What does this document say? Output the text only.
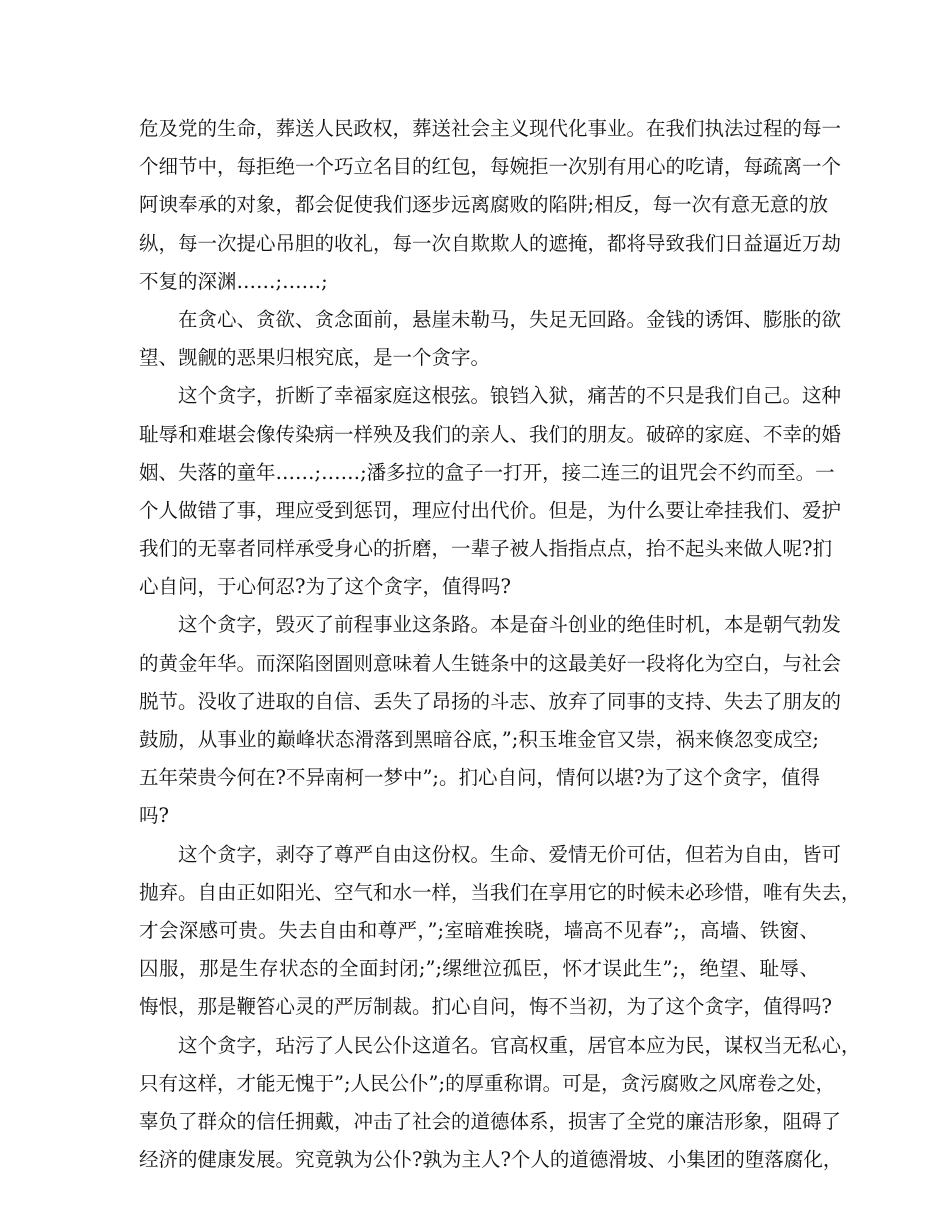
危及党的生命，葬送人民政权，葬送社会主义现代化事业。在我们执法过程的每一
个细节中，每拒绝一个巧立名目的红包，每婉拒一次别有用心的吃请，每疏离一个
阿谀奉承的对象，都会促使我们逐步远离腐败的陷阱;相反，每一次有意无意的放
纵，每一次提心吊胆的收礼，每一次自欺欺人的遮掩，都将导致我们日益逼近万劫
不复的深渊……;……;
在贪心、贪欲、贪念面前，悬崖未勒马，失足无回路。金钱的诱饵、膨胀的欲
望、觊觎的恶果归根究底，是一个贪字。
这个贪字，折断了幸福家庭这根弦。锒铛入狱，痛苦的不只是我们自己。这种
耻辱和难堪会像传染病一样殃及我们的亲人、我们的朋友。破碎的家庭、不幸的婚
姻、失落的童年……;……;潘多拉的盒子一打开，接二连三的诅咒会不约而至。一
个人做错了事，理应受到惩罚，理应付出代价。但是，为什么要让牵挂我们、爱护
我们的无辜者同样承受身心的折磨，一辈子被人指指点点，抬不起头来做人呢?扪
心自问，于心何忍?为了这个贪字，值得吗?
这个贪字，毁灭了前程事业这条路。本是奋斗创业的绝佳时机，本是朝气勃发
的黄金年华。而深陷囹圄则意味着人生链条中的这最美好一段将化为空白，与社会
脱节。没收了进取的自信、丢失了昂扬的斗志、放弃了同事的支持、失去了朋友的
鼓励，从事业的巅峰状态滑落到黑暗谷底，”;积玉堆金官又崇，祸来倏忽变成空;
五年荣贵今何在?不异南柯一梦中”;。扪心自问，情何以堪?为了这个贪字，值得
吗?
这个贪字，剥夺了尊严自由这份权。生命、爱情无价可估，但若为自由，皆可
抛弃。自由正如阳光、空气和水一样，当我们在享用它的时候未必珍惜，唯有失去，
才会深感可贵。失去自由和尊严，”;室暗难挨晓，墙高不见春”;，高墙、铁窗、
囚服，那是生存状态的全面封闭;”;缧绁泣孤臣，怀才误此生”;，绝望、耻辱、
悔恨，那是鞭笞心灵的严厉制裁。扪心自问，悔不当初，为了这个贪字，值得吗?
这个贪字，玷污了人民公仆这道名。官高权重，居官本应为民，谋权当无私心，
只有这样，才能无愧于”;人民公仆”;的厚重称谓。可是，贪污腐败之风席卷之处，
辜负了群众的信任拥戴，冲击了社会的道德体系，损害了全党的廉洁形象，阻碍了
经济的健康发展。究竟孰为公仆?孰为主人?个人的道德滑坡、小集团的堕落腐化，
